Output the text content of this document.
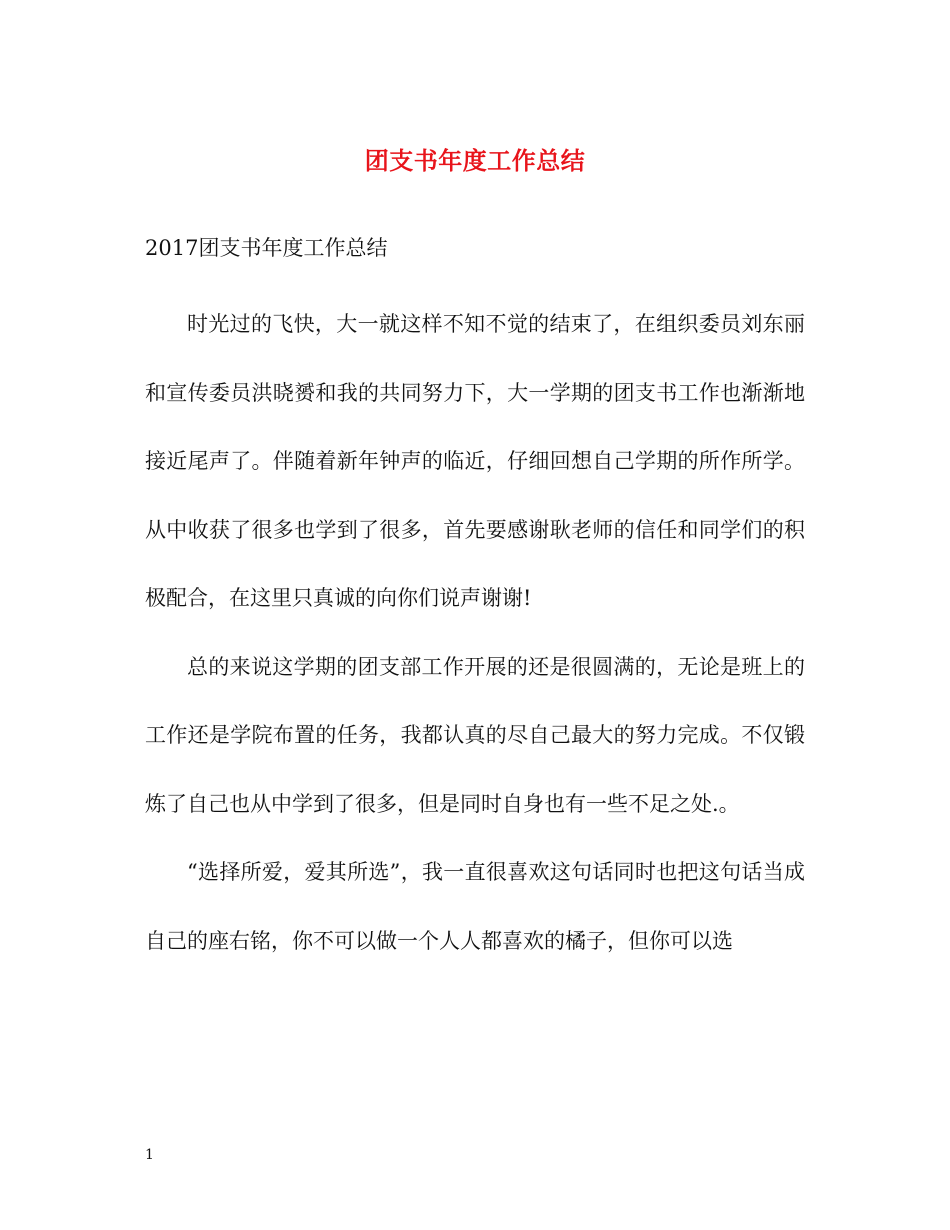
团支书年度工作总结
2017团支书年度工作总结

时光过的飞快，大一就这样不知不觉的结束了，在组织委员刘东丽和宣传委员洪晓赟和我的共同努力下，大一学期的团支书工作也渐渐地接近尾声了。伴随着新年钟声的临近，仔细回想自己学期的所作所学。从中收获了很多也学到了很多，首先要感谢耿老师的信任和同学们的积极配合，在这里只真诚的向你们说声谢谢!

总的来说这学期的团支部工作开展的还是很圆满的，无论是班上的工作还是学院布置的任务，我都认真的尽自己最大的努力完成。不仅锻炼了自己也从中学到了很多，但是同时自身也有一些不足之处.。

“选择所爱，爱其所选”，我一直很喜欢这句话同时也把这句话当成自己的座右铭，你不可以做一个人人都喜欢的橘子，但你可以选

1
